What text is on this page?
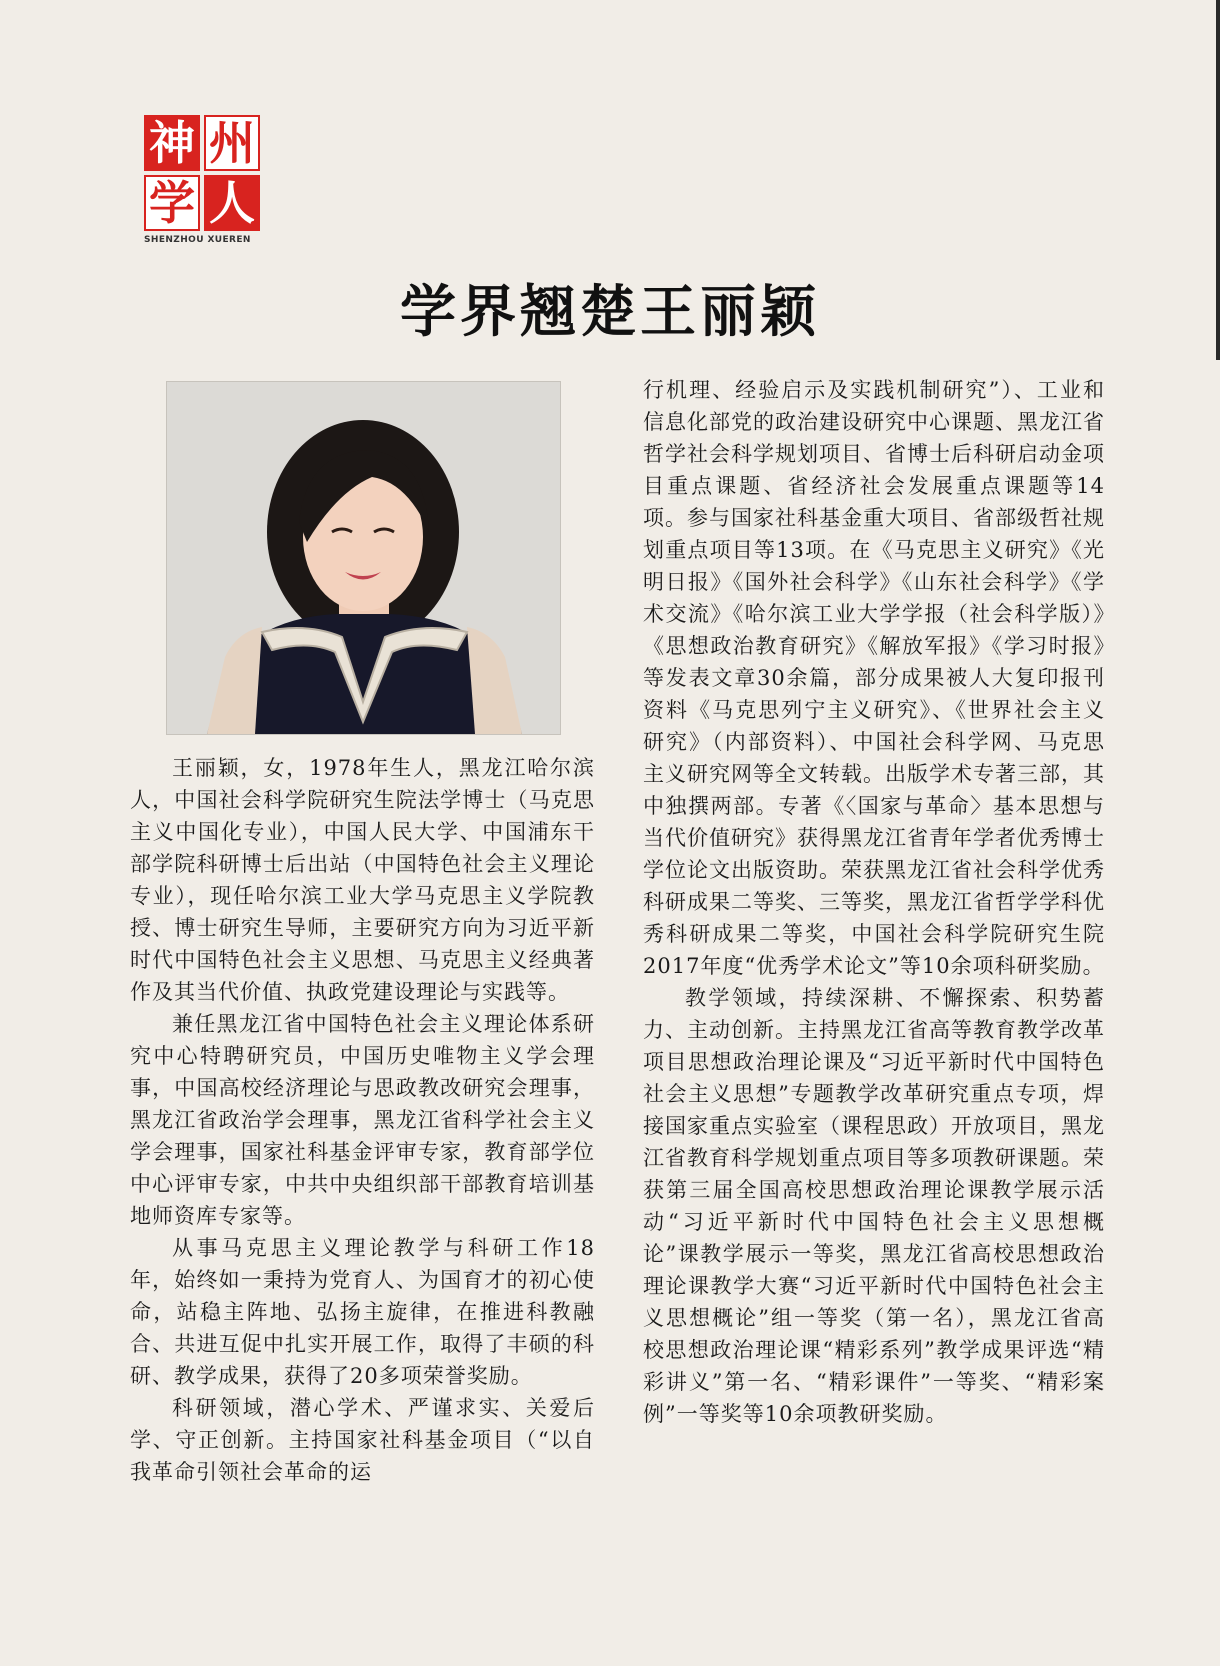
神 州
学 人
SHENZHOU XUEREN
学界翘楚王丽颖

王丽颖，女，1978年生人，黑龙江哈尔滨人，中国社会科学院研究生院法学博士（马克思主义中国化专业），中国人民大学、中国浦东干部学院科研博士后出站（中国特色社会主义理论专业），现任哈尔滨工业大学马克思主义学院教授、博士研究生导师，主要研究方向为习近平新时代中国特色社会主义思想、马克思主义经典著作及其当代价值、执政党建设理论与实践等。

兼任黑龙江省中国特色社会主义理论体系研究中心特聘研究员，中国历史唯物主义学会理事，中国高校经济理论与思政教改研究会理事，黑龙江省政治学会理事，黑龙江省科学社会主义学会理事，国家社科基金评审专家，教育部学位中心评审专家，中共中央组织部干部教育培训基地师资库专家等。

从事马克思主义理论教学与科研工作18年，始终如一秉持为党育人、为国育才的初心使命，站稳主阵地、弘扬主旋律，在推进科教融合、共进互促中扎实开展工作，取得了丰硕的科研、教学成果，获得了20多项荣誉奖励。

科研领域，潜心学术、严谨求实、关爱后学、守正创新。主持国家社科基金项目（“以自我革命引领社会革命的运

行机理、经验启示及实践机制研究”）、工业和信息化部党的政治建设研究中心课题、黑龙江省哲学社会科学规划项目、省博士后科研启动金项目重点课题、省经济社会发展重点课题等14项。参与国家社科基金重大项目、省部级哲社规划重点项目等13项。在《马克思主义研究》《光明日报》《国外社会科学》《山东社会科学》《学术交流》《哈尔滨工业大学学报（社会科学版）》《思想政治教育研究》《解放军报》《学习时报》等发表文章30余篇，部分成果被人大复印报刊资料《马克思列宁主义研究》、《世界社会主义研究》（内部资料）、中国社会科学网、马克思主义研究网等全文转载。出版学术专著三部，其中独撰两部。专著《〈国家与革命〉基本思想与当代价值研究》获得黑龙江省青年学者优秀博士学位论文出版资助。荣获黑龙江省社会科学优秀科研成果二等奖、三等奖，黑龙江省哲学学科优秀科研成果二等奖，中国社会科学院研究生院2017年度“优秀学术论文”等10余项科研奖励。

教学领域，持续深耕、不懈探索、积势蓄力、主动创新。主持黑龙江省高等教育教学改革项目思想政治理论课及“习近平新时代中国特色社会主义思想”专题教学改革研究重点专项，焊接国家重点实验室（课程思政）开放项目，黑龙江省教育科学规划重点项目等多项教研课题。荣获第三届全国高校思想政治理论课教学展示活动“习近平新时代中国特色社会主义思想概论”课教学展示一等奖，黑龙江省高校思想政治理论课教学大赛“习近平新时代中国特色社会主义思想概论”组一等奖（第一名），黑龙江省高校思想政治理论课“精彩系列”教学成果评选“精彩讲义”第一名、“精彩课件”一等奖、“精彩案例”一等奖等10余项教研奖励。
